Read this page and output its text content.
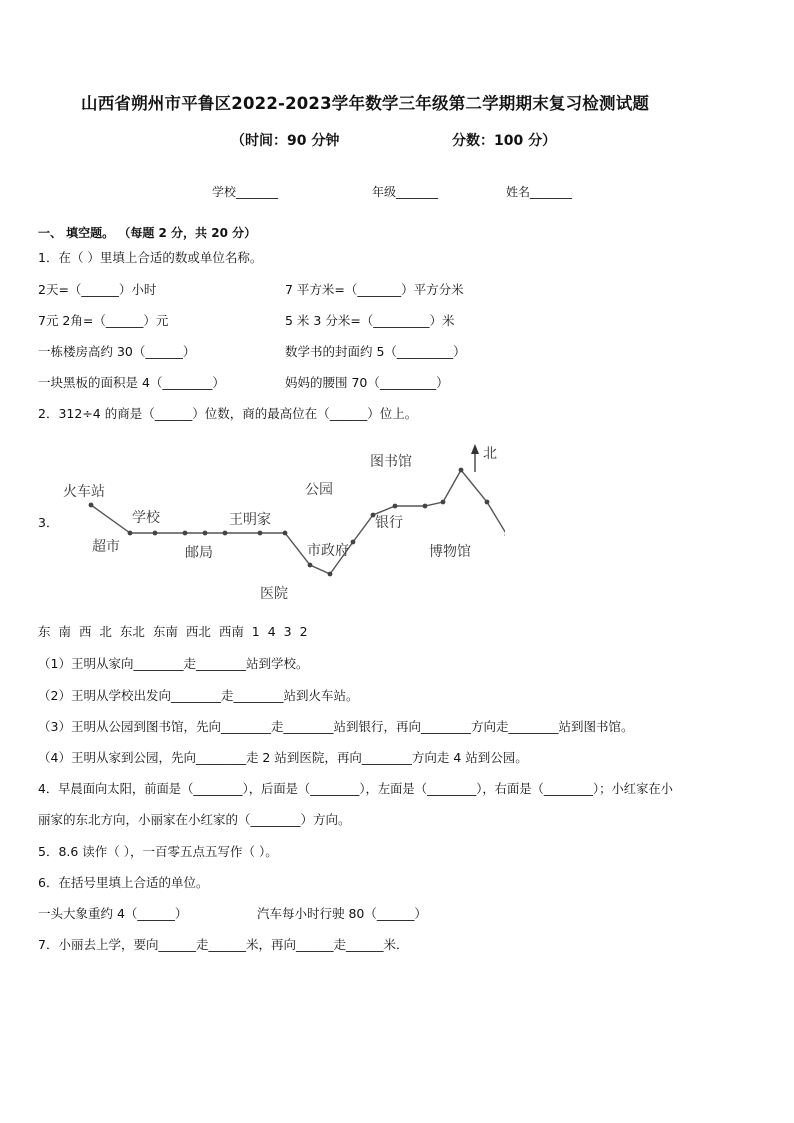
山西省朔州市平鲁区2022-2023学年数学三年级第二学期期末复习检测试题
（时间：90 分钟	分数：100 分）
学校_______	年级_______	姓名_______
一、 填空题。 （每题 2 分，共 20 分）
1．在（ ）里填上合适的数或单位名称。
2天=（______）小时	7 平方米=（_______）平方分米
7元 2角=（______）元	5 米 3 分米=（_________）米
一栋楼房高约 30（______）	数学书的封面约 5（_________）
一块黑板的面积是 4（________）	妈妈的腰围 70（_________）
2．312÷4 的商是（______）位数，商的最高位在（______）位上。
3．
火车站
学校	王明家
公园
图书馆	北
超市	邮局
医院
市政府
银行
博物馆
东 南 西 北 东北 东南 西北 西南 1 4 3 2
（1）王明从家向________走________站到学校。
（2）王明从学校出发向________走________站到火车站。
（3）王明从公园到图书馆，先向________走________站到银行，再向________方向走________站到图书馆。
（4）王明从家到公园，先向________走 2 站到医院，再向________方向走 4 站到公园。
4．早晨面向太阳，前面是（________），后面是（________），左面是（________），右面是（________）；小红家在小
丽家的东北方向，小丽家在小红家的（________）方向。
5．8.6 读作（ ），一百零五点五写作（ ）。
6．在括号里填上合适的单位。
一头大象重约 4（______）	汽车每小时行驶 80（______）
7．小丽去上学，要向______走______米，再向______走______米．
